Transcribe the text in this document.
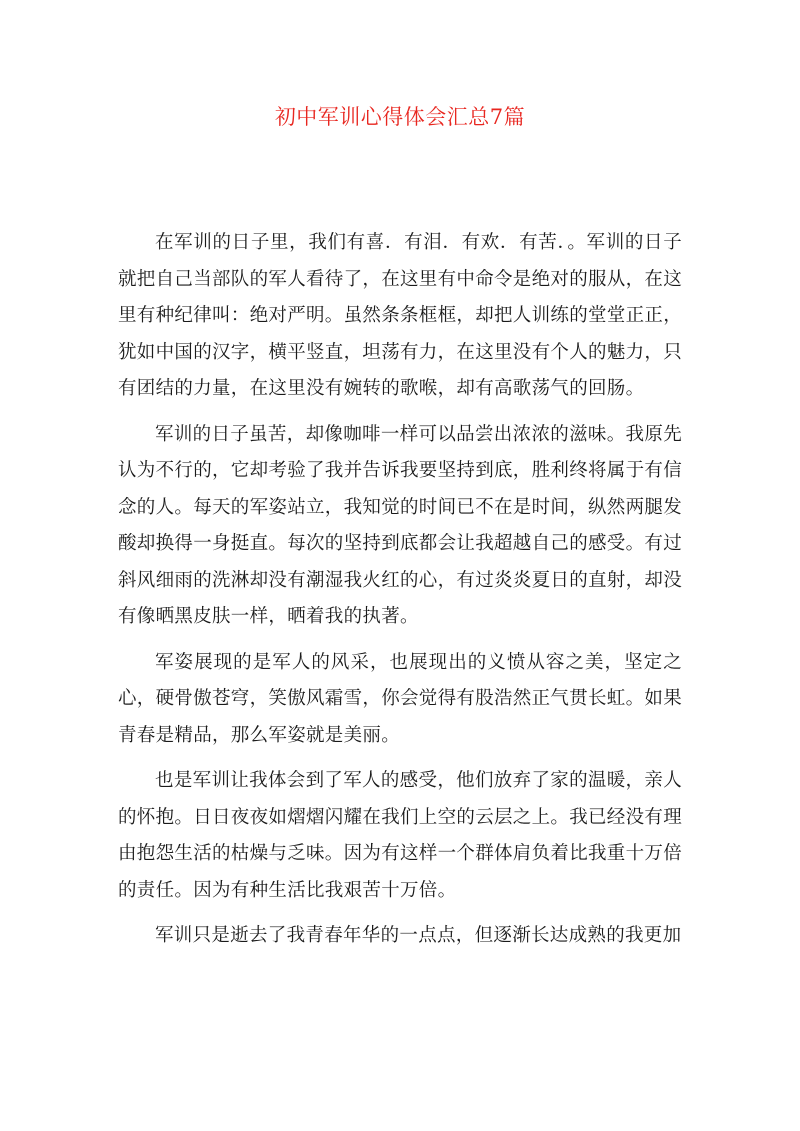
初中军训心得体会汇总7篇

在军训的日子里，我们有喜．有泪．有欢．有苦．。军训的日子就把自己当部队的军人看待了，在这里有中命令是绝对的服从，在这里有种纪律叫：绝对严明。虽然条条框框，却把人训练的堂堂正正，犹如中国的汉字，横平竖直，坦荡有力，在这里没有个人的魅力，只有团结的力量，在这里没有婉转的歌喉，却有高歌荡气的回肠。

军训的日子虽苦，却像咖啡一样可以品尝出浓浓的滋味。我原先认为不行的，它却考验了我并告诉我要坚持到底，胜利终将属于有信念的人。每天的军姿站立，我知觉的时间已不在是时间，纵然两腿发酸却换得一身挺直。每次的坚持到底都会让我超越自己的感受。有过斜风细雨的洗淋却没有潮湿我火红的心，有过炎炎夏日的直射，却没有像晒黑皮肤一样，晒着我的执著。

军姿展现的是军人的风采，也展现出的义愤从容之美，坚定之心，硬骨傲苍穹，笑傲风霜雪，你会觉得有股浩然正气贯长虹。如果青春是精品，那么军姿就是美丽。

也是军训让我体会到了军人的感受，他们放弃了家的温暖，亲人的怀抱。日日夜夜如熠熠闪耀在我们上空的云层之上。我已经没有理由抱怨生活的枯燥与乏味。因为有这样一个群体肩负着比我重十万倍的责任。因为有种生活比我艰苦十万倍。

军训只是逝去了我青春年华的一点点，但逐渐长达成熟的我更加
